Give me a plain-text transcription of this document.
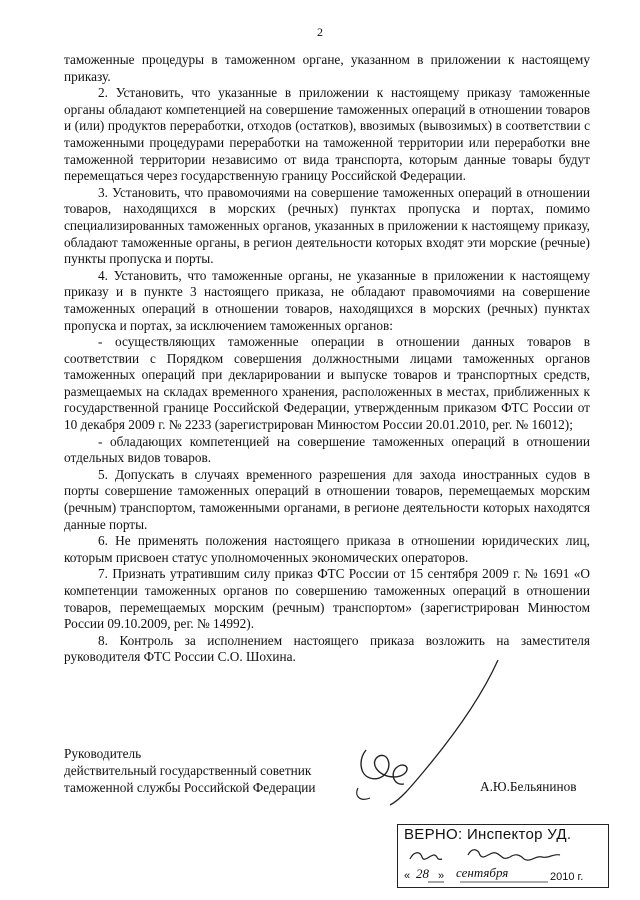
2

таможенные процедуры в таможенном органе, указанном в приложении к настоящему приказу.

2. Установить, что указанные в приложении к настоящему приказу таможенные органы обладают компетенцией на совершение таможенных операций в отношении товаров и (или) продуктов переработки, отходов (остатков), ввозимых (вывозимых) в соответствии с таможенными процедурами переработки на таможенной территории или переработки вне таможенной территории независимо от вида транспорта, которым данные товары будут перемещаться через государственную границу Российской Федерации.

3. Установить, что правомочиями на совершение таможенных операций в отношении товаров, находящихся в морских (речных) пунктах пропуска и портах, помимо специализированных таможенных органов, указанных в приложении к настоящему приказу, обладают таможенные органы, в регион деятельности которых входят эти морские (речные) пункты пропуска и порты.

4. Установить, что таможенные органы, не указанные в приложении к настоящему приказу и в пункте 3 настоящего приказа, не обладают правомочиями на совершение таможенных операций в отношении товаров, находящихся в морских (речных) пунктах пропуска и портах, за исключением таможенных органов:

- осуществляющих таможенные операции в отношении данных товаров в соответствии с Порядком совершения должностными лицами таможенных органов таможенных операций при декларировании и выпуске товаров и транспортных средств, размещаемых на складах временного хранения, расположенных в местах, приближенных к государственной границе Российской Федерации, утвержденным приказом ФТС России от 10 декабря 2009 г. № 2233 (зарегистрирован Минюстом России 20.01.2010, рег. № 16012);

- обладающих компетенцией на совершение таможенных операций в отношении отдельных видов товаров.

5. Допускать в случаях временного разрешения для захода иностранных судов в порты совершение таможенных операций в отношении товаров, перемещаемых морским (речным) транспортом, таможенными органами, в регионе деятельности которых находятся данные порты.

6. Не применять положения настоящего приказа в отношении юридических лиц, которым присвоен статус уполномоченных экономических операторов.

7. Признать утратившим силу приказ ФТС России от 15 сентября 2009 г. № 1691 «О компетенции таможенных органов по совершению таможенных операций в отношении товаров, перемещаемых морским (речным) транспортом» (зарегистрирован Минюстом России 09.10.2009, рег. № 14992).

8. Контроль за исполнением настоящего приказа возложить на заместителя руководителя ФТС России С.О. Шохина.

Руководитель
действительный государственный советник
таможенной службы Российской Федерации	А.Ю.Бельянинов
ВЕРНО: Инспектор УД.
« 28 » сентября	2010 г.
